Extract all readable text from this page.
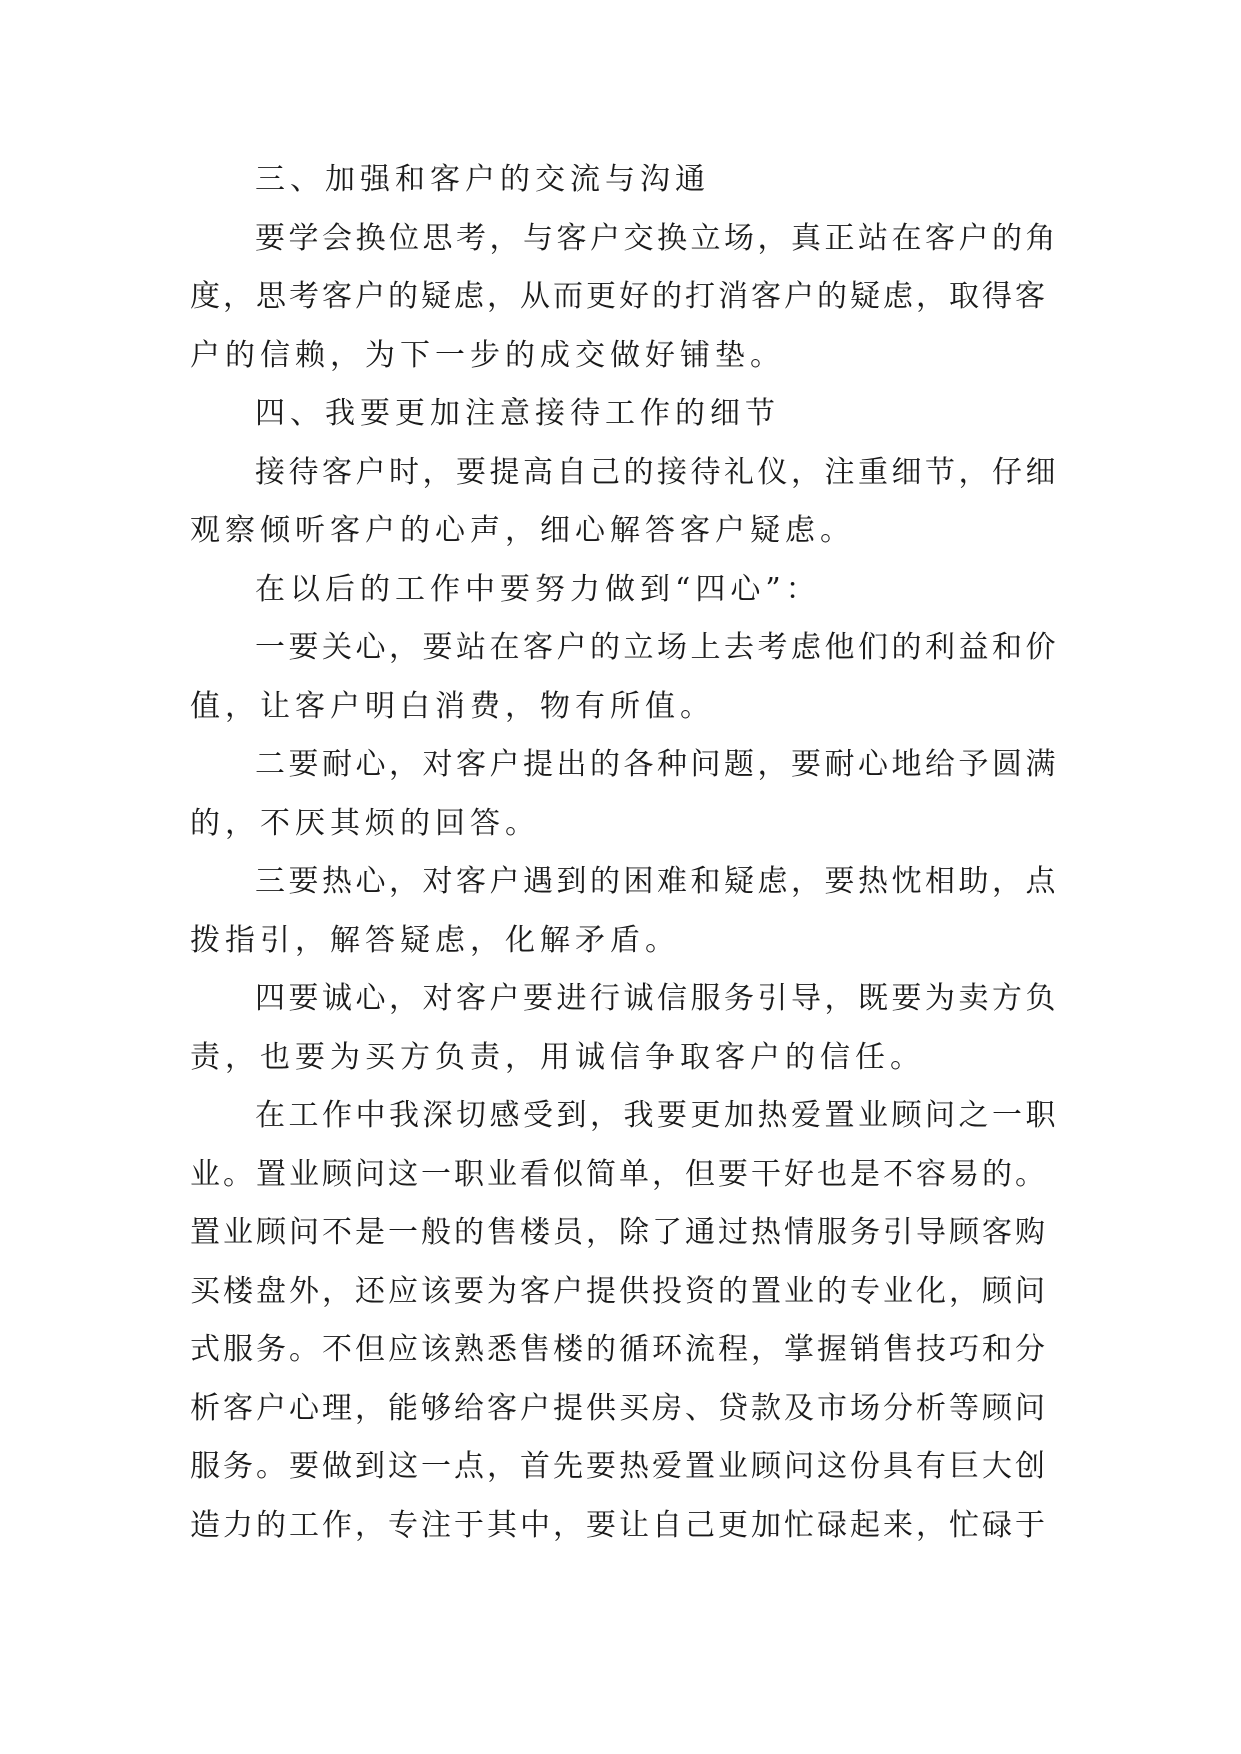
三、加强和客户的交流与沟通
要学会换位思考，与客户交换立场，真正站在客户的角
度，思考客户的疑虑，从而更好的打消客户的疑虑，取得客
户的信赖，为下一步的成交做好铺垫。
四、我要更加注意接待工作的细节
接待客户时，要提高自己的接待礼仪，注重细节，仔细
观察倾听客户的心声，细心解答客户疑虑。
在以后的工作中要努力做到“四心”：
一要关心，要站在客户的立场上去考虑他们的利益和价
值，让客户明白消费，物有所值。
二要耐心，对客户提出的各种问题，要耐心地给予圆满
的，不厌其烦的回答。
三要热心，对客户遇到的困难和疑虑，要热忱相助，点
拨指引，解答疑虑，化解矛盾。
四要诚心，对客户要进行诚信服务引导，既要为卖方负
责，也要为买方负责，用诚信争取客户的信任。
在工作中我深切感受到，我要更加热爱置业顾问之一职
业。置业顾问这一职业看似简单，但要干好也是不容易的。
置业顾问不是一般的售楼员，除了通过热情服务引导顾客购
买楼盘外，还应该要为客户提供投资的置业的专业化，顾问
式服务。不但应该熟悉售楼的循环流程，掌握销售技巧和分
析客户心理，能够给客户提供买房、贷款及市场分析等顾问
服务。要做到这一点，首先要热爱置业顾问这份具有巨大创
造力的工作，专注于其中，要让自己更加忙碌起来，忙碌于
